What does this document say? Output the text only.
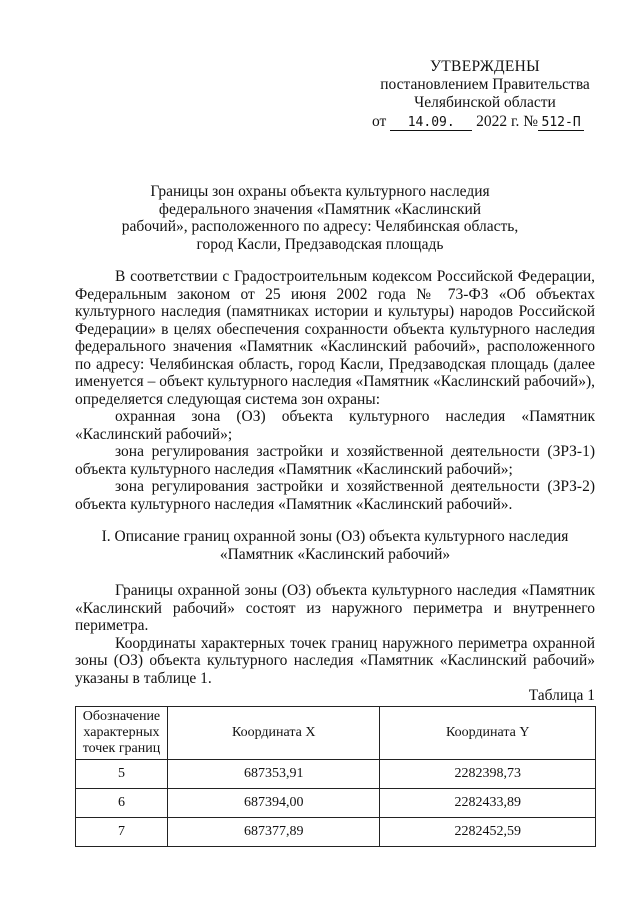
УТВЕРЖДЕНЫ
постановлением Правительства
Челябинской области
от 14.09. 2022 г. № 512-П
Границы зон охраны объекта культурного наследия
федерального значения «Памятник «Каслинский
рабочий», расположенного по адресу: Челябинская область,
город Касли, Предзаводская площадь

В соответствии с Градостроительным кодексом Российской Федерации, Федеральным законом от 25 июня 2002 года № 73-ФЗ «Об объектах культурного наследия (памятниках истории и культуры) народов Российской Федерации» в целях обеспечения сохранности объекта культурного наследия федерального значения «Памятник «Каслинский рабочий», расположенного по адресу: Челябинская область, город Касли, Предзаводская площадь (далее именуется – объект культурного наследия «Памятник «Каслинский рабочий»), определяется следующая система зон охраны:

охранная зона (ОЗ) объекта культурного наследия «Памятник «Каслинский рабочий»;

зона регулирования застройки и хозяйственной деятельности (ЗРЗ-1) объекта культурного наследия «Памятник «Каслинский рабочий»;

зона регулирования застройки и хозяйственной деятельности (ЗРЗ-2) объекта культурного наследия «Памятник «Каслинский рабочий».

I. Описание границ охранной зоны (ОЗ) объекта культурного наследия
«Памятник «Каслинский рабочий»

Границы охранной зоны (ОЗ) объекта культурного наследия «Памятник «Каслинский рабочий» состоят из наружного периметра и внутреннего периметра.

Координаты характерных точек границ наружного периметра охранной зоны (ОЗ) объекта культурного наследия «Памятник «Каслинский рабочий» указаны в таблице 1.

Таблица 1
Обозначение характерных точек границ	Координата X	Координата Y
5	687353,91	2282398,73
6	687394,00	2282433,89
7	687377,89	2282452,59
